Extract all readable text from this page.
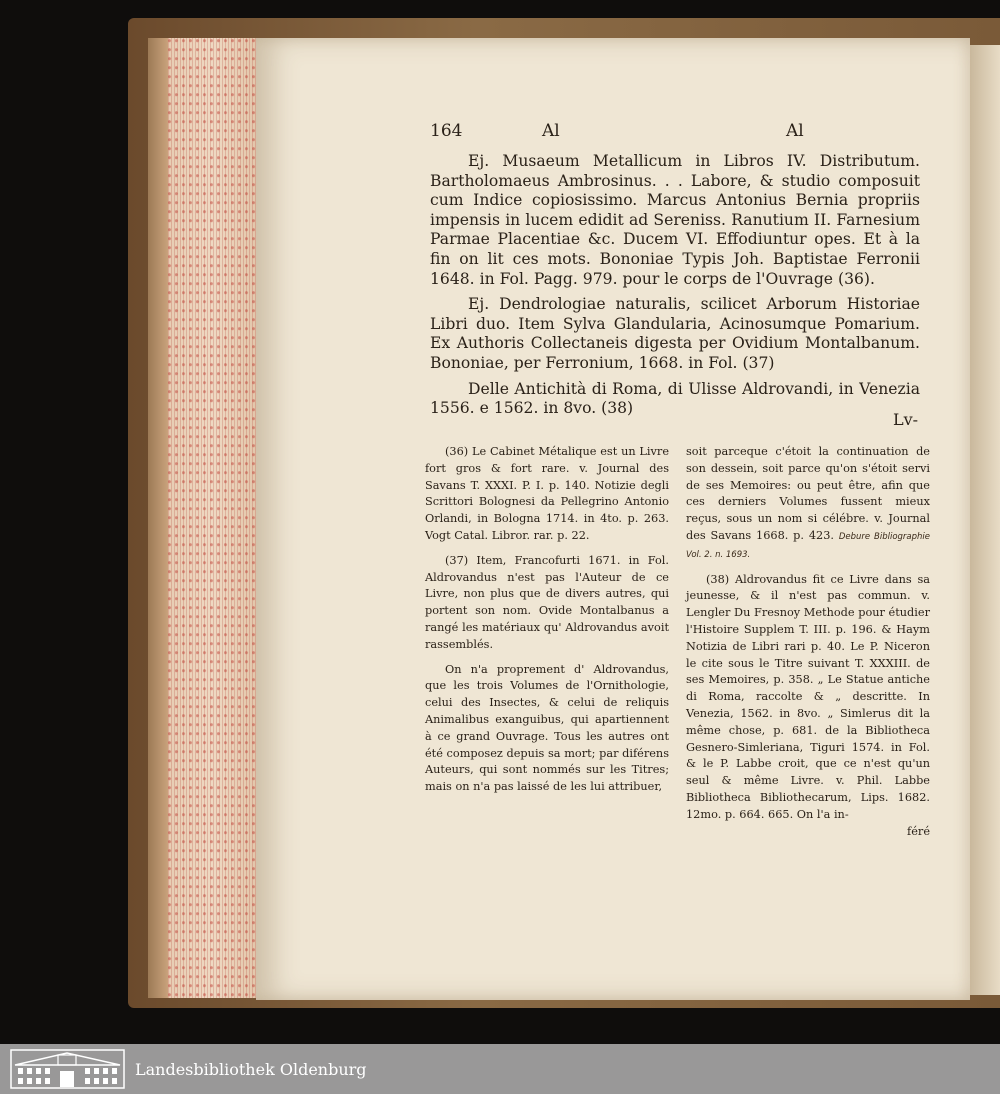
164	Al	Al

Ej. Musaeum Metallicum in Libros IV. Distributum. Bartholomaeus Ambrosinus. . . Labore, & studio composuit cum Indice copiosissimo. Marcus Antonius Bernia propriis impensis in lucem edidit ad Sereniss. Ranutium II. Farnesium Parmae Placentiae &c. Ducem VI. Effodiuntur opes. Et à la fin on lit ces mots. Bononiae Typis Joh. Baptistae Ferronii 1648. in Fol. Pagg. 979. pour le corps de l'Ouvrage (36).

Ej. Dendrologiae naturalis, scilicet Arborum Historiae Libri duo. Item Sylva Glandularia, Acinosumque Pomarium. Ex Authoris Collectaneis digesta per Ovidium Montalbanum. Bononiae, per Ferronium, 1668. in Fol. (37)

Delle Antichità di Roma, di Ulisse Aldrovandi, in Venezia 1556. e 1562. in 8vo. (38)

Lv-

(36) Le Cabinet Métalique est un Livre fort gros & fort rare. v. Journal des Savans T. XXXI. P. I. p. 140. Notizie degli Scrittori Bolognesi da Pellegrino Antonio Orlandi, in Bologna 1714. in 4to. p. 263. Vogt Catal. Libror. rar. p. 22.

(37) Item, Francofurti 1671. in Fol. Aldrovandus n'est pas l'Auteur de ce Livre, non plus que de divers autres, qui portent son nom. Ovide Montalbanus a rangé les matériaux qu' Aldrovandus avoit rassemblés.

On n'a proprement d' Aldrovandus, que les trois Volumes de l'Ornithologie, celui des Insectes, & celui de reliquis Animalibus exanguibus, qui apartiennent à ce grand Ouvrage. Tous les autres ont été composez depuis sa mort; par diférens Auteurs, qui sont nommés sur les Titres; mais on n'a pas laissé de les lui attribuer,

soit parceque c'étoit la continuation de son dessein, soit parce qu'on s'étoit servi de ses Memoires: ou peut être, afin que ces derniers Volumes fussent mieux reçus, sous un nom si célébre. v. Journal des Savans 1668. p. 423. Debure Bibliographie Vol. 2. n. 1693.

(38) Aldrovandus fit ce Livre dans sa jeunesse, & il n'est pas commun. v. Lengler Du Fresnoy Methode pour étudier l'Histoire Supplem T. III. p. 196. & Haym Notizia de Libri rari p. 40. Le P. Niceron le cite sous le Titre suivant T. XXXIII. de ses Memoires, p. 358. „ Le Statue antiche di Roma, raccolte & „ descritte. In Venezia, 1562. in 8vo. „ Simlerus dit la même chose, p. 681. de la Bibliotheca Gesnero-Simleriana, Tiguri 1574. in Fol. & le P. Labbe croit, que ce n'est qu'un seul & même Livre. v. Phil. Labbe Bibliotheca Bibliothecarum, Lips. 1682. 12mo. p. 664. 665. On l'a in-

féré

Landesbibliothek Oldenburg
